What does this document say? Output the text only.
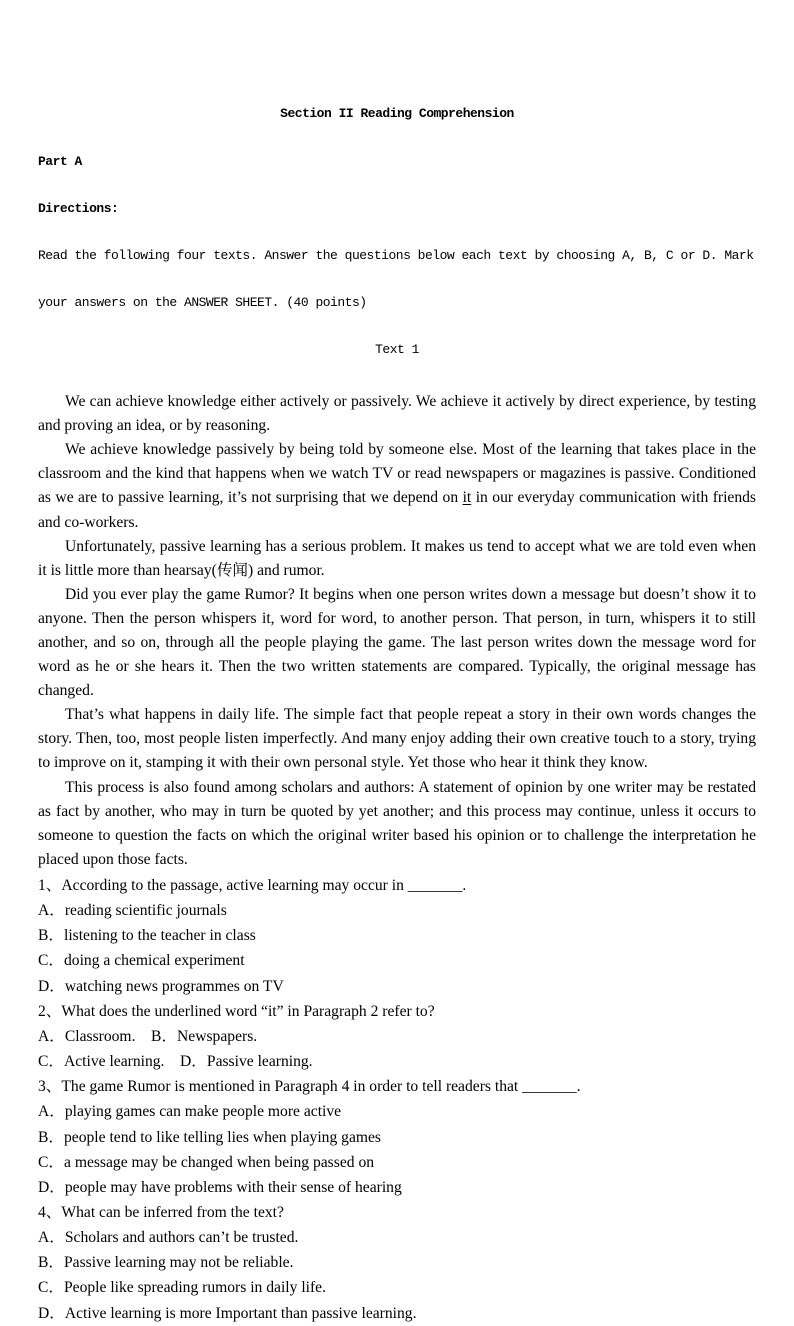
Section II Reading Comprehension

Part A

Directions:

Read the following four texts. Answer the questions below each text by choosing A, B, C or D. Mark

your answers on the ANSWER SHEET. (40 points)

Text 1

We can achieve knowledge either actively or passively. We achieve it actively by direct experience, by testing and proving an idea, or by reasoning.

We achieve knowledge passively by being told by someone else. Most of the learning that takes place in the classroom and the kind that happens when we watch TV or read newspapers or magazines is passive. Conditioned as we are to passive learning, it’s not surprising that we depend on it in our everyday communication with friends and co-workers.

Unfortunately, passive learning has a serious problem. It makes us tend to accept what we are told even when it is little more than hearsay(传闻) and rumor.

Did you ever play the game Rumor? It begins when one person writes down a message but doesn’t show it to anyone. Then the person whispers it, word for word, to another person. That person, in turn, whispers it to still another, and so on, through all the people playing the game. The last person writes down the message word for word as he or she hears it. Then the two written statements are compared. Typically, the original message has changed.

That’s what happens in daily life. The simple fact that people repeat a story in their own words changes the story. Then, too, most people listen imperfectly. And many enjoy adding their own creative touch to a story, trying to improve on it, stamping it with their own personal style. Yet those who hear it think they know.

This process is also found among scholars and authors: A statement of opinion by one writer may be restated as fact by another, who may in turn be quoted by yet another; and this process may continue, unless it occurs to someone to question the facts on which the original writer based his opinion or to challenge the interpretation he placed upon those facts.

1、According to the passage, active learning may occur in _______.
A．reading scientific journals
B．listening to the teacher in class
C．doing a chemical experiment
D．watching news programmes on TV
2、What does the underlined word “it” in Paragraph 2 refer to?
A．Classroom.    B．Newspapers.
C．Active learning.    D．Passive learning.
3、The game Rumor is mentioned in Paragraph 4 in order to tell readers that _______.
A．playing games can make people more active
B．people tend to like telling lies when playing games
C．a message may be changed when being passed on
D．people may have problems with their sense of hearing
4、What can be inferred from the text?
A．Scholars and authors can’t be trusted.
B．Passive learning may not be reliable.
C．People like spreading rumors in daily life.
D．Active learning is more Important than passive learning.
